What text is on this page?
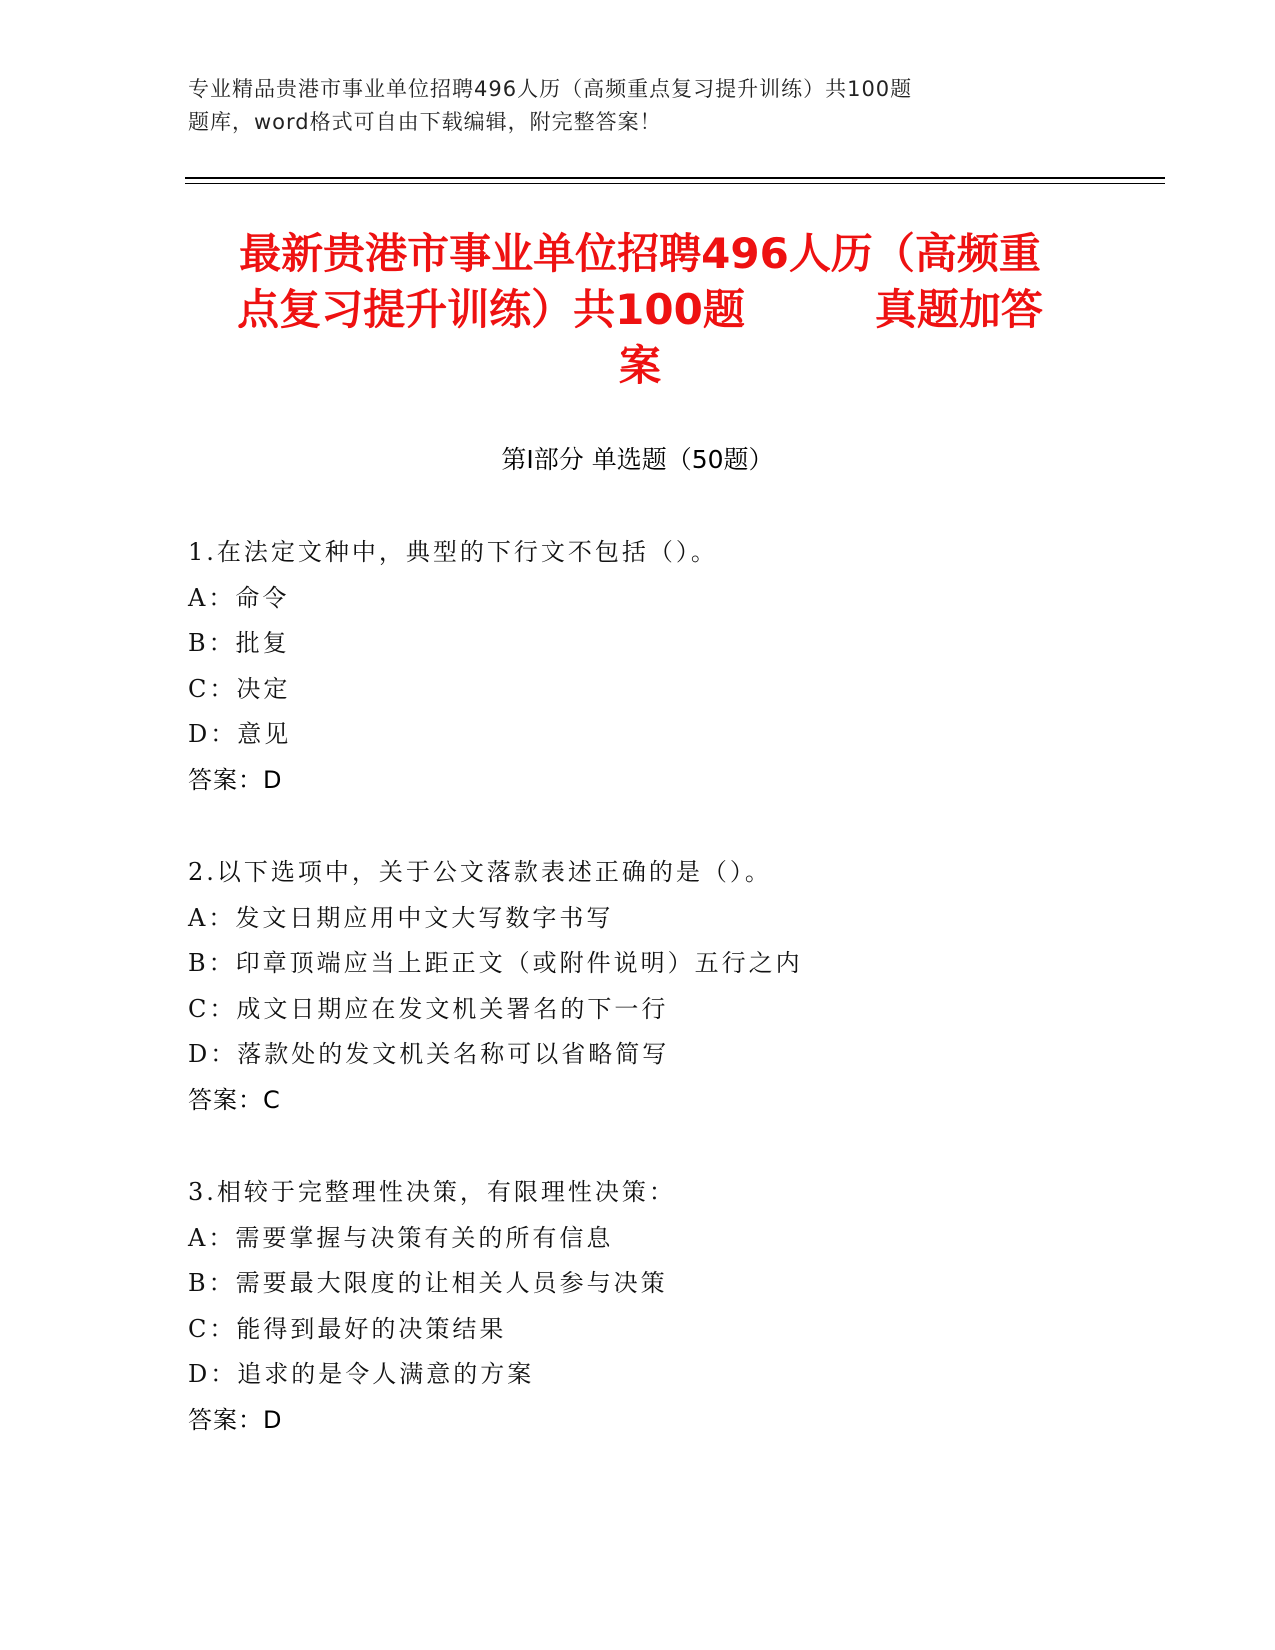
专业精品贵港市事业单位招聘496人历（高频重点复习提升训练）共100题

题库，word格式可自由下载编辑，附完整答案！

最新贵港市事业单位招聘496人历（高频重
点复习提升训练）共100题	真题加答
案
第I部分 单选题（50题）
1.在法定文种中，典型的下行文不包括（）。
A：命令
B：批复
C：决定
D：意见
答案：D
2.以下选项中，关于公文落款表述正确的是（）。
A：发文日期应用中文大写数字书写
B：印章顶端应当上距正文（或附件说明）五行之内
C：成文日期应在发文机关署名的下一行
D：落款处的发文机关名称可以省略简写
答案：C
3.相较于完整理性决策，有限理性决策：
A：需要掌握与决策有关的所有信息
B：需要最大限度的让相关人员参与决策
C：能得到最好的决策结果
D：追求的是令人满意的方案
答案：D
